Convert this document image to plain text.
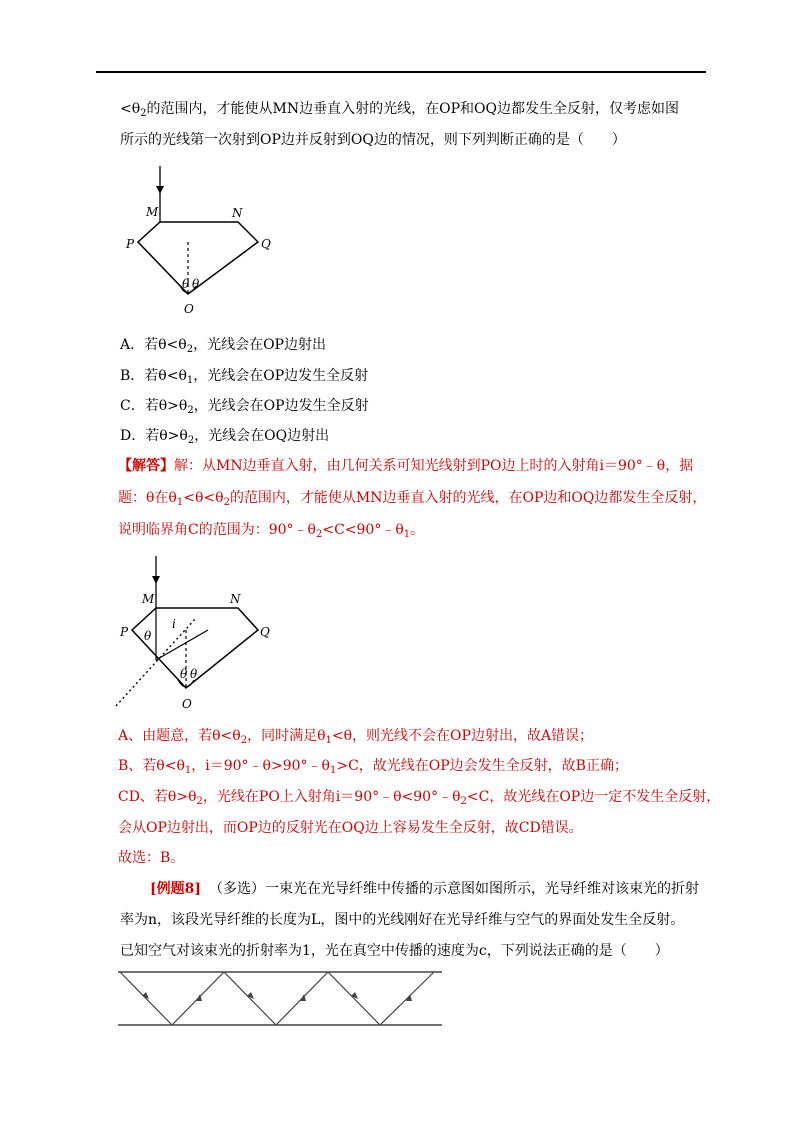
$<\theta_2$的范围内，才能使从MN边垂直入射的光线，在OP和OQ边都发生全反射，仅考虑如图
所示的光线第一次射到OP边并反射到OQ边的情况，则下列判断正确的是（　　）
M	N
P	Q
θ θ
O
A．若$\theta<\theta_2$，光线会在OP边射出
B．若$\theta<\theta_1$，光线会在OP边发生全反射
C．若$\theta>\theta_2$，光线会在OP边发生全反射
D．若$\theta>\theta_2$，光线会在OQ边射出
【解答】解：从MN边垂直入射，由几何关系可知光线射到PO边上时的入射角i＝90°﹣θ，据
题：θ在$\theta_1<\theta<\theta_2$的范围内，才能使从MN边垂直入射的光线，在OP边和OQ边都发生全反射，
说明临界角C的范围为：$90^\circ﹣\theta_2<C<90^\circ﹣\theta_1$。
M	N
P	Q
θ
i
θ θ
O
A、由题意，若$\theta<\theta_2$，同时满足$\theta_1<\theta$，则光线不会在OP边射出，故A错误；
B、若$\theta<\theta_1$，$i=90^\circ﹣\theta>90^\circ﹣\theta_1>C$，故光线在OP边会发生全反射，故B正确；
CD、若$\theta>\theta_2$，光线在PO上入射角$i=90^\circ﹣\theta<90^\circ﹣\theta_2<C$，故光线在OP边一定不发生全反射，
会从OP边射出，而OP边的反射光在OQ边上容易发生全反射，故CD错误。
故选：B。
[例题8] （多选）一束光在光导纤维中传播的示意图如图所示，光导纤维对该束光的折射
率为n，该段光导纤维的长度为L，图中的光线刚好在光导纤维与空气的界面处发生全反射。
已知空气对该束光的折射率为1，光在真空中传播的速度为c，下列说法正确的是（　　）
